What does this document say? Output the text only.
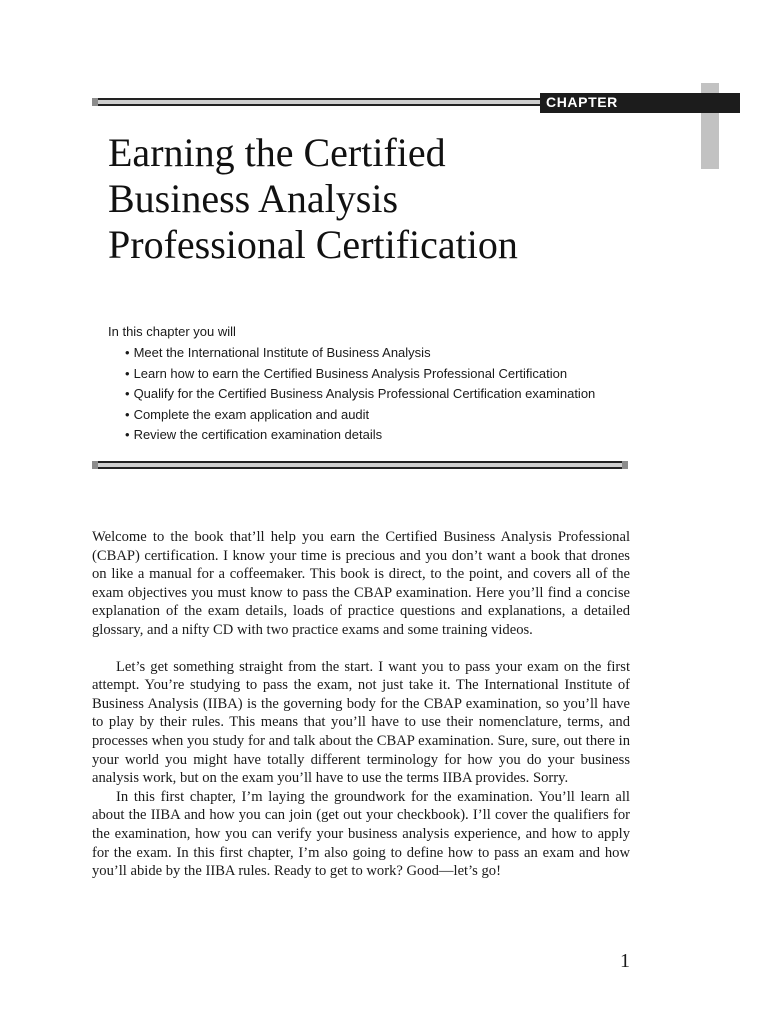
CHAPTER
Earning the Certified
Business Analysis
Professional Certification
In this chapter you will
• Meet the International Institute of Business Analysis
• Learn how to earn the Certified Business Analysis Professional Certification
• Qualify for the Certified Business Analysis Professional Certification examination
• Complete the exam application and audit
• Review the certification examination details

Welcome to the book that’ll help you earn the Certified Business Analysis Professional (CBAP) certification. I know your time is precious and you don’t want a book that drones on like a manual for a coffeemaker. This book is direct, to the point, and covers all of the exam objectives you must know to pass the CBAP examination. Here you’ll find a concise explanation of the exam details, loads of practice questions and explanations, a detailed glossary, and a nifty CD with two practice exams and some training videos.

Let’s get something straight from the start. I want you to pass your exam on the first attempt. You’re studying to pass the exam, not just take it. The International Institute of Business Analysis (IIBA) is the governing body for the CBAP examination, so you’ll have to play by their rules. This means that you’ll have to use their nomenclature, terms, and processes when you study for and talk about the CBAP examination. Sure, sure, out there in your world you might have totally different terminology for how you do your business analysis work, but on the exam you’ll have to use the terms IIBA provides. Sorry.

In this first chapter, I’m laying the groundwork for the examination. You’ll learn all about the IIBA and how you can join (get out your checkbook). I’ll cover the qualifiers for the examination, how you can verify your business analysis experience, and how to apply for the exam. In this first chapter, I’m also going to define how to pass an exam and how you’ll abide by the IIBA rules. Ready to get to work? Good—let’s go!

1
